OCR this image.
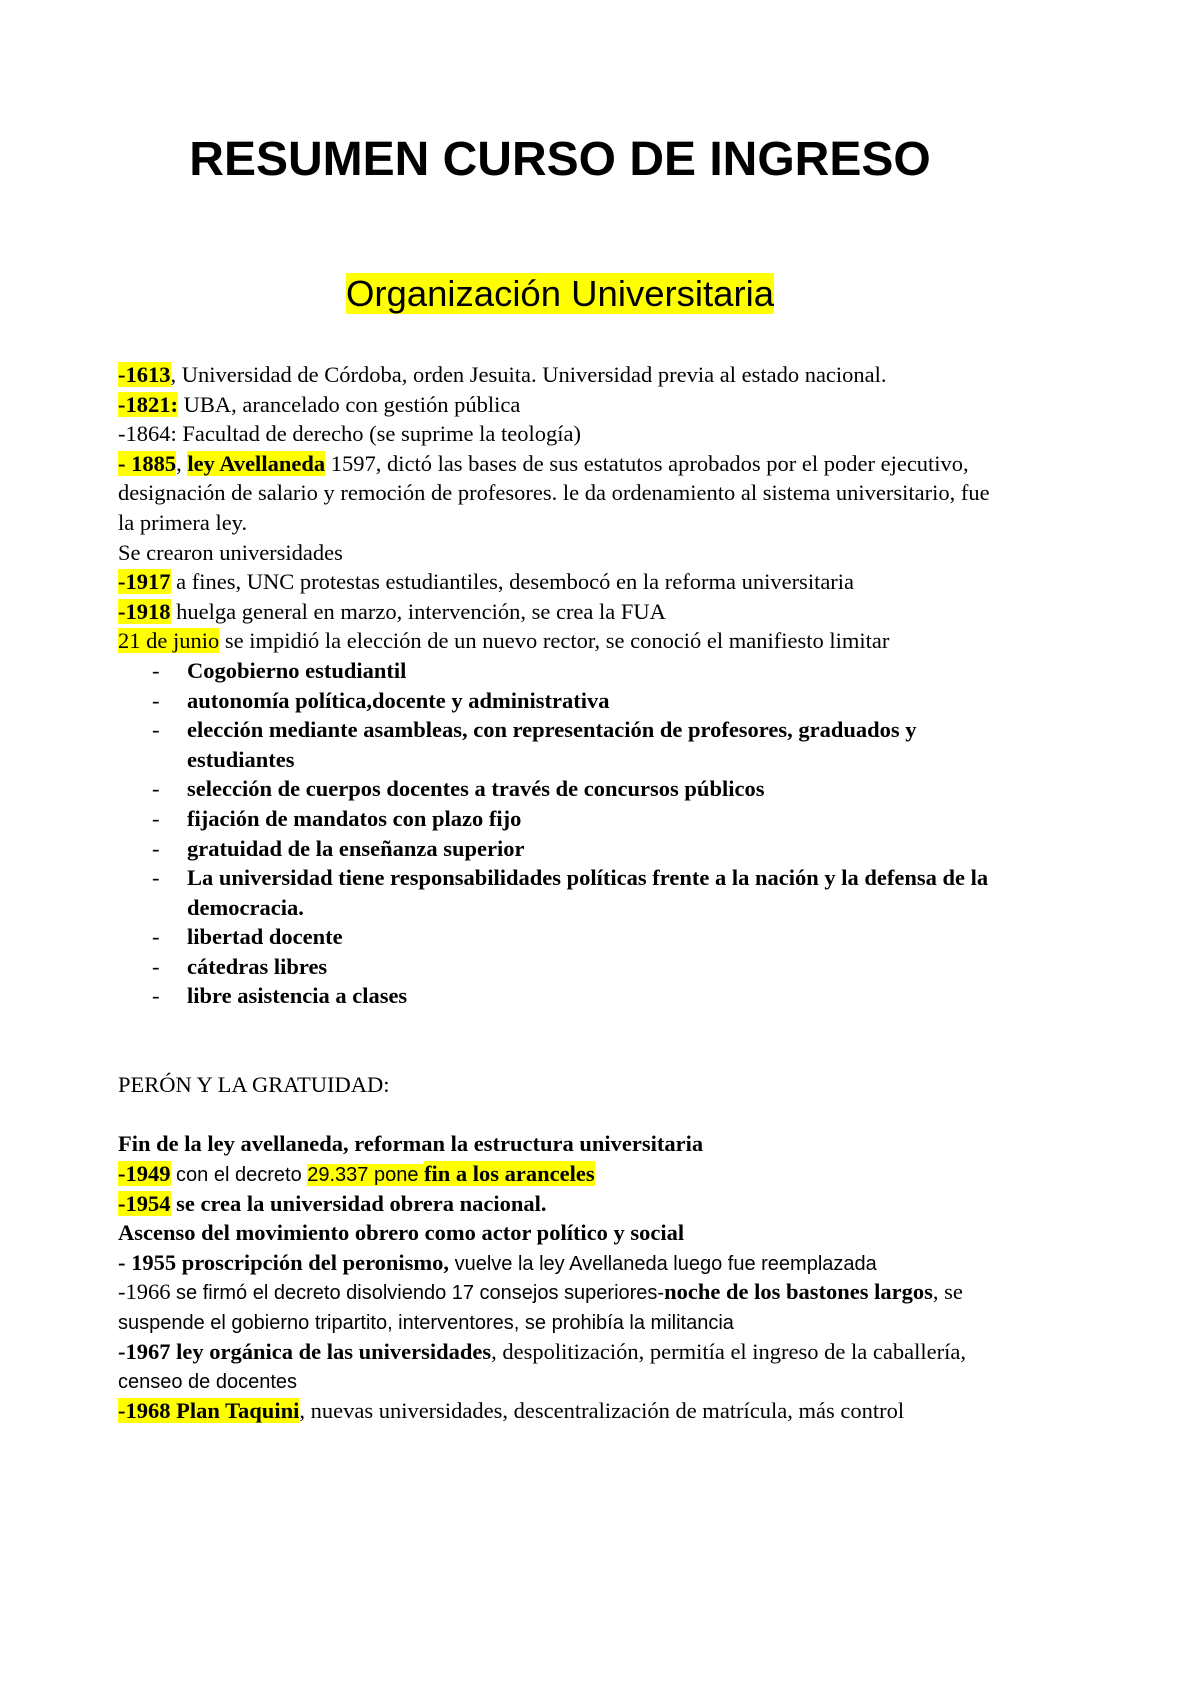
RESUMEN CURSO DE INGRESO
Organización Universitaria
-1613, Universidad de Córdoba, orden Jesuita. Universidad previa al estado nacional.
-1821: UBA, arancelado con gestión pública
-1864: Facultad de derecho (se suprime la teología)
- 1885, ley Avellaneda 1597, dictó las bases de sus estatutos aprobados por el poder ejecutivo,
designación de salario y remoción de profesores. le da ordenamiento al sistema universitario, fue
la primera ley.
Se crearon universidades
-1917 a fines, UNC protestas estudiantiles, desembocó en la reforma universitaria
-1918 huelga general en marzo, intervención, se crea la FUA
21 de junio se impidió la elección de un nuevo rector, se conoció el manifiesto limitar
- Cogobierno estudiantil
- autonomía política,docente y administrativa
- elección mediante asambleas, con representación de profesores, graduados y
estudiantes
- selección de cuerpos docentes a través de concursos públicos
- fijación de mandatos con plazo fijo
- gratuidad de la enseñanza superior
- La universidad tiene responsabilidades políticas frente a la nación y la defensa de la
democracia.
- libertad docente
- cátedras libres
- libre asistencia a clases
PERÓN Y LA GRATUIDAD:
Fin de la ley avellaneda, reforman la estructura universitaria
-1949 con el decreto 29.337 pone fin a los aranceles
-1954 se crea la universidad obrera nacional.
Ascenso del movimiento obrero como actor político y social
- 1955 proscripción del peronismo, vuelve la ley Avellaneda luego fue reemplazada
-1966 se firmó el decreto disolviendo 17 consejos superiores-noche de los bastones largos, se
suspende el gobierno tripartito, interventores, se prohibía la militancia
-1967 ley orgánica de las universidades, despolitización, permitía el ingreso de la caballería,
censeo de docentes
-1968 Plan Taquini, nuevas universidades, descentralización de matrícula, más control
